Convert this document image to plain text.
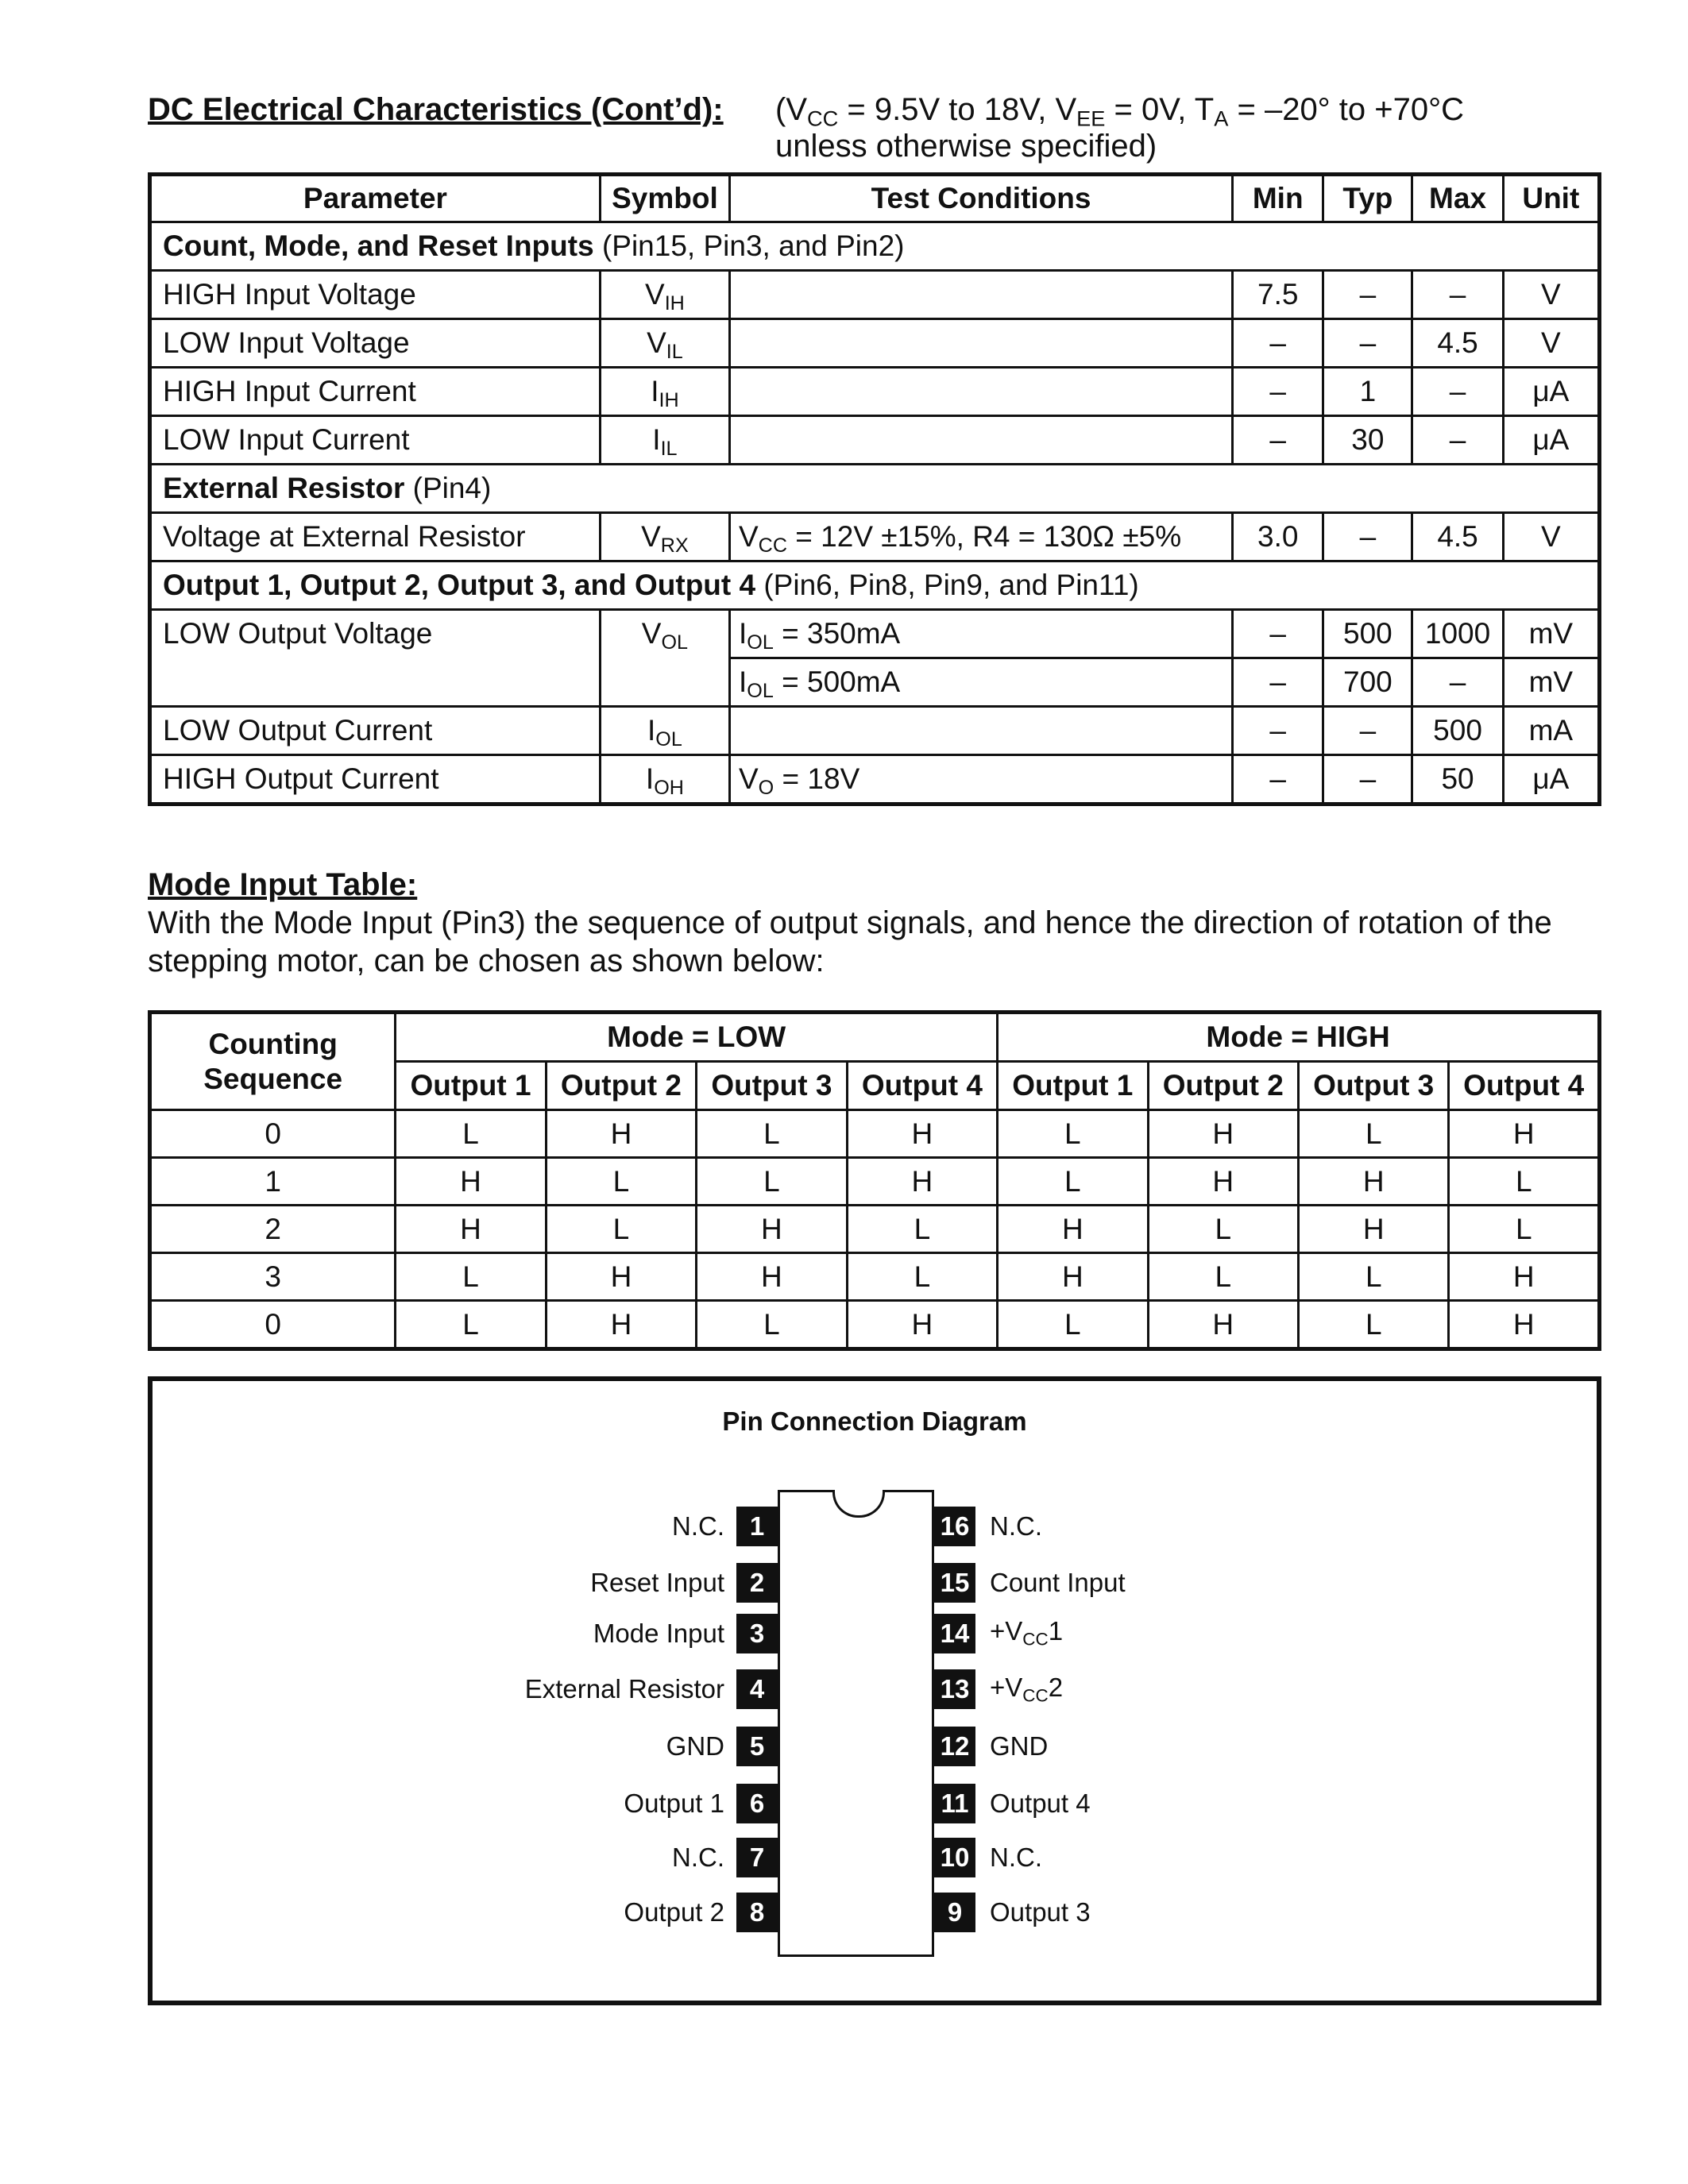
DC Electrical Characteristics (Cont’d): ($V_{CC} = 9.5V$ to 18V, $V_{EE} = 0V$, $T_A = -20^\circ$ to +70°C
unless otherwise specified)
Parameter	Symbol	Test Conditions	Min	Typ	Max	Unit
Count, Mode, and Reset Inputs (Pin15, Pin3, and Pin2)						
HIGH Input Voltage	$V_{IH}$		7.5	–	–	V
LOW Input Voltage	$V_{IL}$		–	–	4.5	V
HIGH Input Current	$I_{IH}$		–	1	–	μA
LOW Input Current	$I_{IL}$		–	30	–	μA
External Resistor (Pin4)						
Voltage at External Resistor	$V_{RX}$	$V_{CC} = 12V \pm 15\%$, R4 = 130Ω ±5%	3.0	–	4.5	V
Output 1, Output 2, Output 3, and Output 4 (Pin6, Pin8, Pin9, and Pin11)						
LOW Output Voltage	$V_{OL}$	$I_{OL} = 350mA$	–	500	1000	mV
		$I_{OL} = 500mA$	–	700	–	mV
LOW Output Current	$I_{OL}$		–	–	500	mA
HIGH Output Current	$I_{OH}$	$V_O = 18V$	–	–	50	μA
Mode Input Table:
With the Mode Input (Pin3) the sequence of output signals, and hence the direction of rotation of the stepping motor, can be chosen as shown below:
Counting
Sequence	Mode = LOW				Mode = HIGH			
	Output 1	Output 2	Output 3	Output 4	Output 1	Output 2	Output 3	Output 4
0	L	H	L	H	L	H	L	H
1	H	L	L	H	L	H	H	L
2	H	L	H	L	H	L	H	L
3	L	H	H	L	H	L	L	H
0	L	H	L	H	L	H	L	H
Pin Connection Diagram
1
N.C.
2
Reset Input
3
Mode Input
4
External Resistor
5
GND
6
Output 1
7
N.C.
8
Output 2
16 N.C.
15 Count Input
$14 +V_{CC}1$
$13 +V_{CC}2$
12 GND
11 Output 4
10 N.C.
9	Output 3
